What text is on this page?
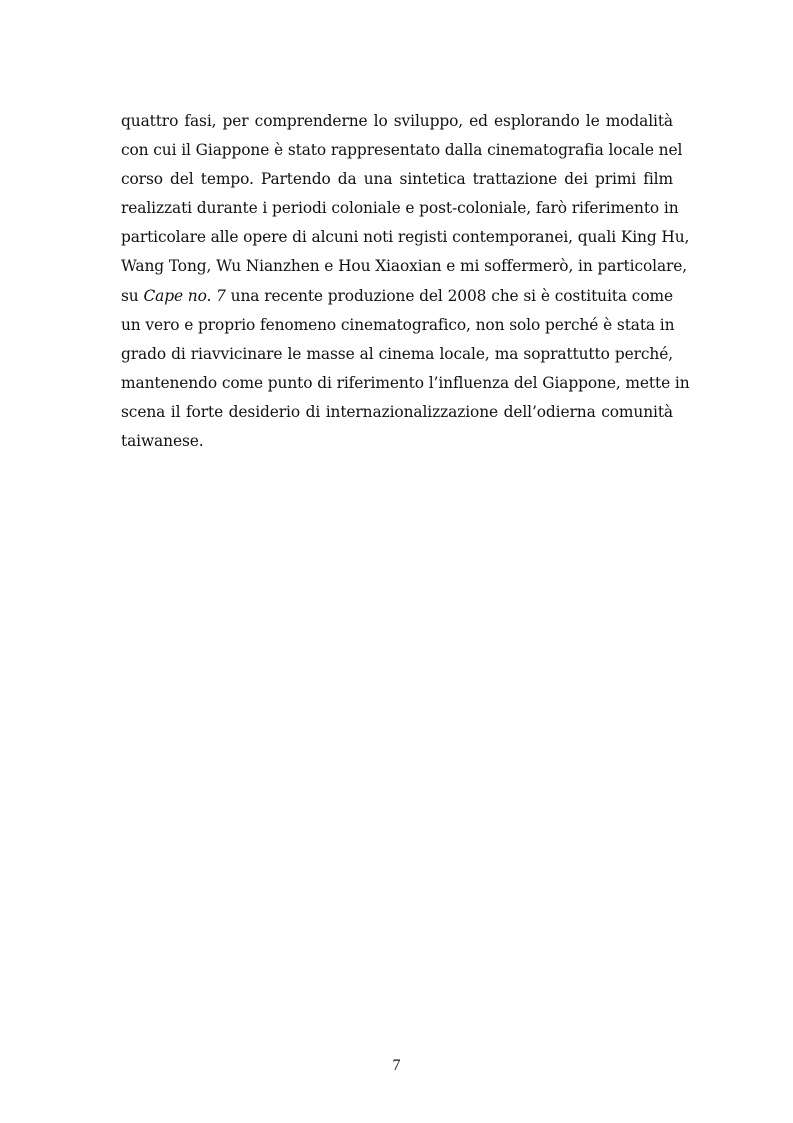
quattro fasi, per comprenderne lo sviluppo, ed esplorando le modalità
con cui il Giappone è stato rappresentato dalla cinematografia locale nel
corso del tempo. Partendo da una sintetica trattazione dei primi film
realizzati durante i periodi coloniale e post-coloniale, farò riferimento in
particolare alle opere di alcuni noti registi contemporanei, quali King Hu,
Wang Tong, Wu Nianzhen e Hou Xiaoxian e mi soffermerò, in particolare,
su Cape no. 7 una recente produzione del 2008 che si è costituita come
un vero e proprio fenomeno cinematografico, non solo perché è stata in
grado di riavvicinare le masse al cinema locale, ma soprattutto perché,
mantenendo come punto di riferimento l’influenza del Giappone, mette in
scena il forte desiderio di internazionalizzazione dell’odierna comunità
taiwanese.
7
